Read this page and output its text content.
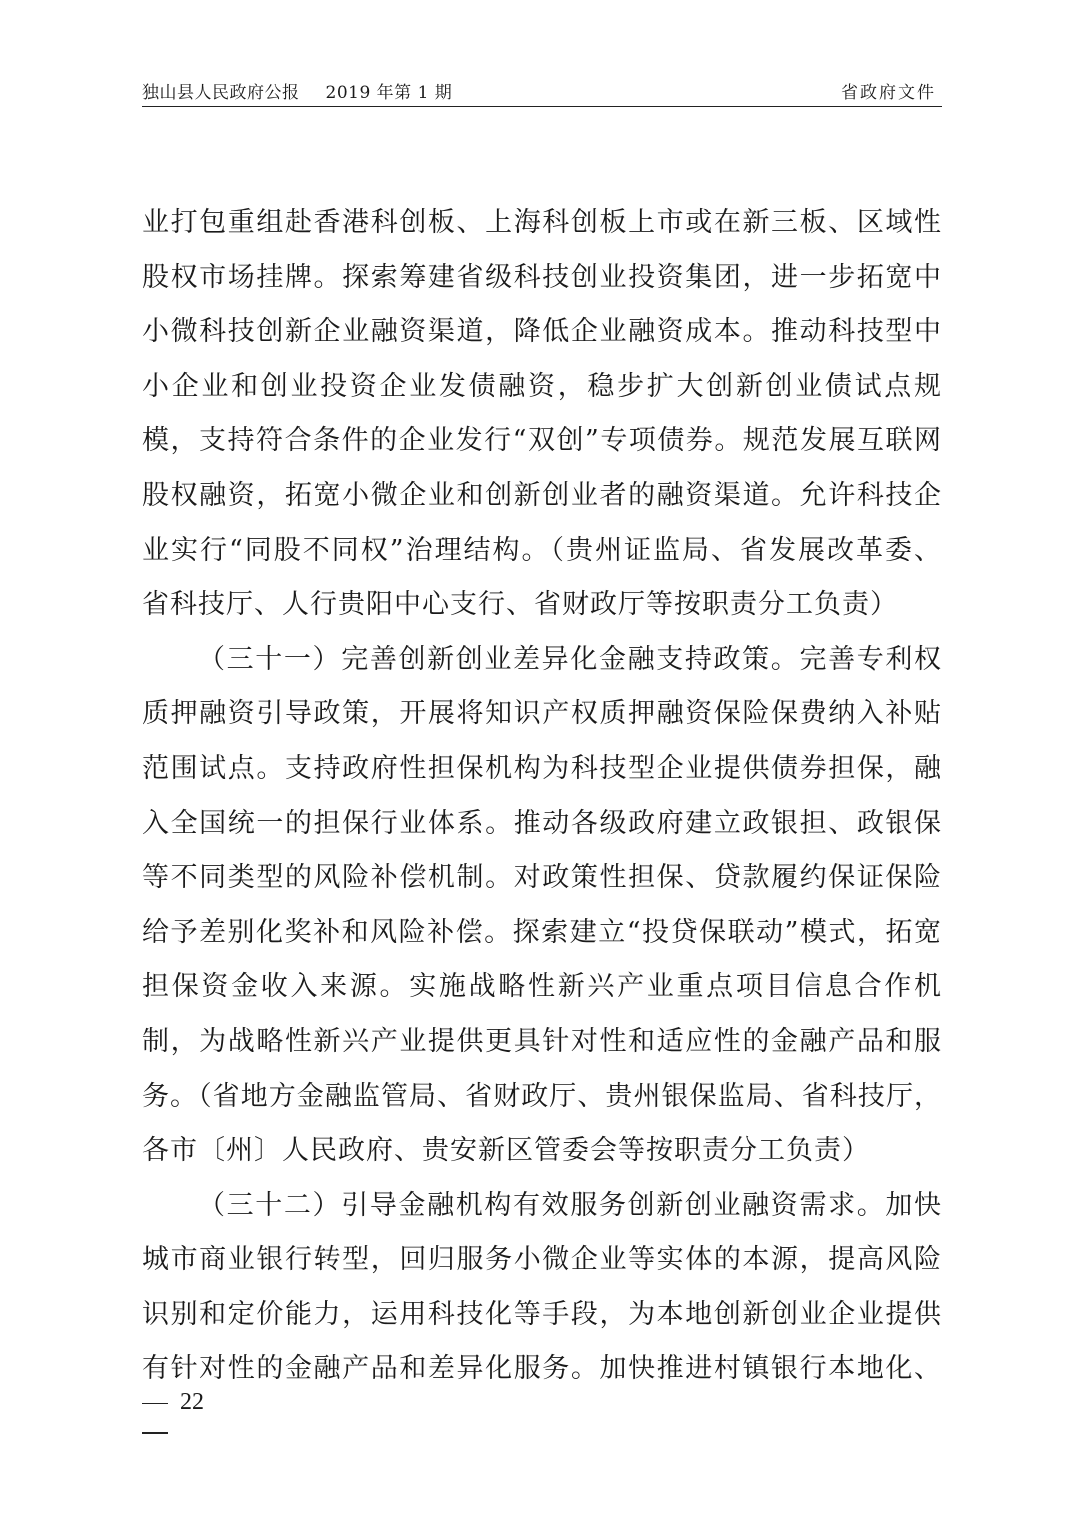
独山县人民政府公报 2019 年第 1 期	省政府文件
业打包重组赴香港科创板、上海科创板上市或在新三板、区域性
股权市场挂牌。探索筹建省级科技创业投资集团，进一步拓宽中
小微科技创新企业融资渠道，降低企业融资成本。推动科技型中
小企业和创业投资企业发债融资，稳步扩大创新创业债试点规
模，支持符合条件的企业发行“双创”专项债券。规范发展互联网
股权融资，拓宽小微企业和创新创业者的融资渠道。允许科技企
业实行“同股不同权”治理结构。（贵州证监局、省发展改革委、
省科技厅、人行贵阳中心支行、省财政厅等按职责分工负责）
（三十一）完善创新创业差异化金融支持政策。完善专利权
质押融资引导政策，开展将知识产权质押融资保险保费纳入补贴
范围试点。支持政府性担保机构为科技型企业提供债券担保，融
入全国统一的担保行业体系。推动各级政府建立政银担、政银保
等不同类型的风险补偿机制。对政策性担保、贷款履约保证保险
给予差别化奖补和风险补偿。探索建立“投贷保联动”模式，拓宽
担保资金收入来源。实施战略性新兴产业重点项目信息合作机
制，为战略性新兴产业提供更具针对性和适应性的金融产品和服
务。（省地方金融监管局、省财政厅、贵州银保监局、省科技厅，
各市〔州〕人民政府、贵安新区管委会等按职责分工负责）
（三十二）引导金融机构有效服务创新创业融资需求。加快
城市商业银行转型，回归服务小微企业等实体的本源，提高风险
识别和定价能力，运用科技化等手段，为本地创新创业企业提供
有针对性的金融产品和差异化服务。加快推进村镇银行本地化、
22
